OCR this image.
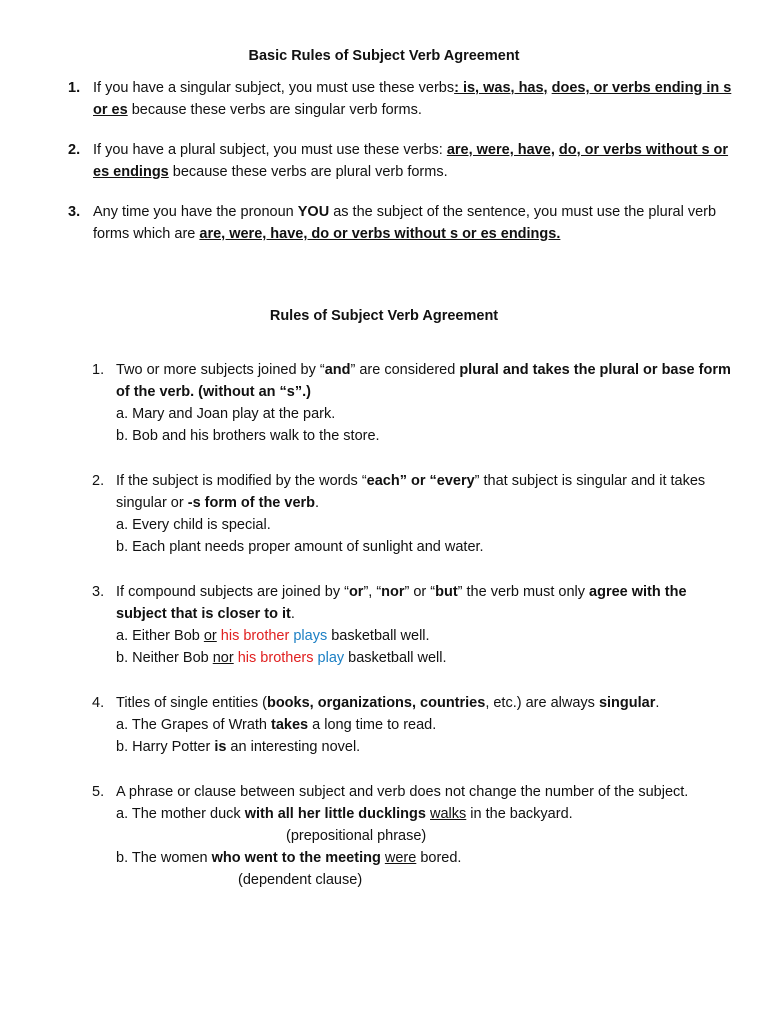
Basic Rules of Subject Verb Agreement
1. If you have a singular subject, you must use these verbs: is, was, has, does, or verbs ending in s or es because these verbs are singular verb forms.
2. If you have a plural subject, you must use these verbs: are, were, have, do, or verbs without s or es endings because these verbs are plural verb forms.
3. Any time you have the pronoun YOU as the subject of the sentence, you must use the plural verb forms which are are, were, have, do or verbs without s or es endings.
Rules of Subject Verb Agreement
1. Two or more subjects joined by “and” are considered plural and takes the plural or base form of the verb. (without an “s”.)
a. Mary and Joan play at the park.
b. Bob and his brothers walk to the store.
2. If the subject is modified by the words “each” or “every” that subject is singular and it takes singular or -s form of the verb.
a. Every child is special.
b. Each plant needs proper amount of sunlight and water.
3. If compound subjects are joined by “or”, “nor” or “but” the verb must only agree with the subject that is closer to it.
a. Either Bob or his brother plays basketball well.
b. Neither Bob nor his brothers play basketball well.
4. Titles of single entities (books, organizations, countries, etc.) are always singular.
a. The Grapes of Wrath takes a long time to read.
b. Harry Potter is an interesting novel.
5. A phrase or clause between subject and verb does not change the number of the subject.
a. The mother duck with all her little ducklings walks in the backyard.
(prepositional phrase)
b. The women who went to the meeting were bored.
(dependent clause)
